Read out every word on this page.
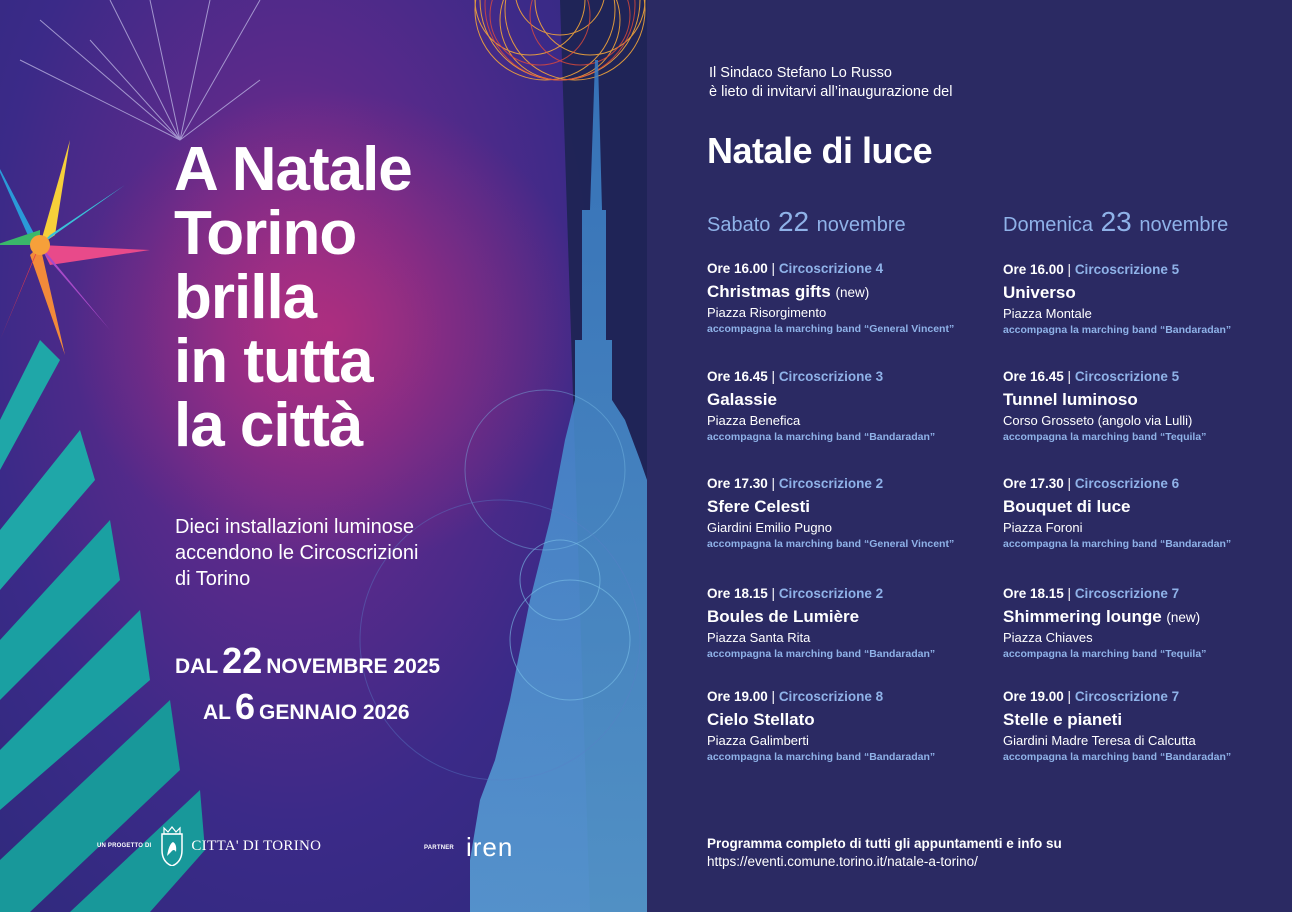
A Natale
Torino
brilla
in tutta
la città
Dieci installazioni luminose
accendono le Circoscrizioni
di Torino
DAL 22 NOVEMBRE 2025
AL 6 GENNAIO 2026
UN PROGETTO DI	CITTA' DI TORINO	PARTNER iren
Il Sindaco Stefano Lo Russo
è lieto di invitarvi all’inaugurazione del
Natale di luce
Sabato 22 novembre
Ore 16.00 | Circoscrizione 4
Christmas gifts (new)
Piazza Risorgimento
accompagna la marching band “General Vincent”
Ore 16.45 | Circoscrizione 3
Galassie
Piazza Benefica
accompagna la marching band “Bandaradan”
Ore 17.30 | Circoscrizione 2
Sfere Celesti
Giardini Emilio Pugno
accompagna la marching band “General Vincent”
Ore 18.15 | Circoscrizione 2
Boules de Lumière
Piazza Santa Rita
accompagna la marching band “Bandaradan”
Ore 19.00 | Circoscrizione 8
Cielo Stellato
Piazza Galimberti
accompagna la marching band “Bandaradan”
Domenica 23 novembre
Ore 16.00 | Circoscrizione 5
Universo
Piazza Montale
accompagna la marching band “Bandaradan”
Ore 16.45 | Circoscrizione 5
Tunnel luminoso
Corso Grosseto (angolo via Lulli)
accompagna la marching band “Tequila”
Ore 17.30 | Circoscrizione 6
Bouquet di luce
Piazza Foroni
accompagna la marching band “Bandaradan”
Ore 18.15 | Circoscrizione 7
Shimmering lounge (new)
Piazza Chiaves
accompagna la marching band “Tequila”
Ore 19.00 | Circoscrizione 7
Stelle e pianeti
Giardini Madre Teresa di Calcutta
accompagna la marching band “Bandaradan”
Programma completo di tutti gli appuntamenti e info su
https://eventi.comune.torino.it/natale-a-torino/
